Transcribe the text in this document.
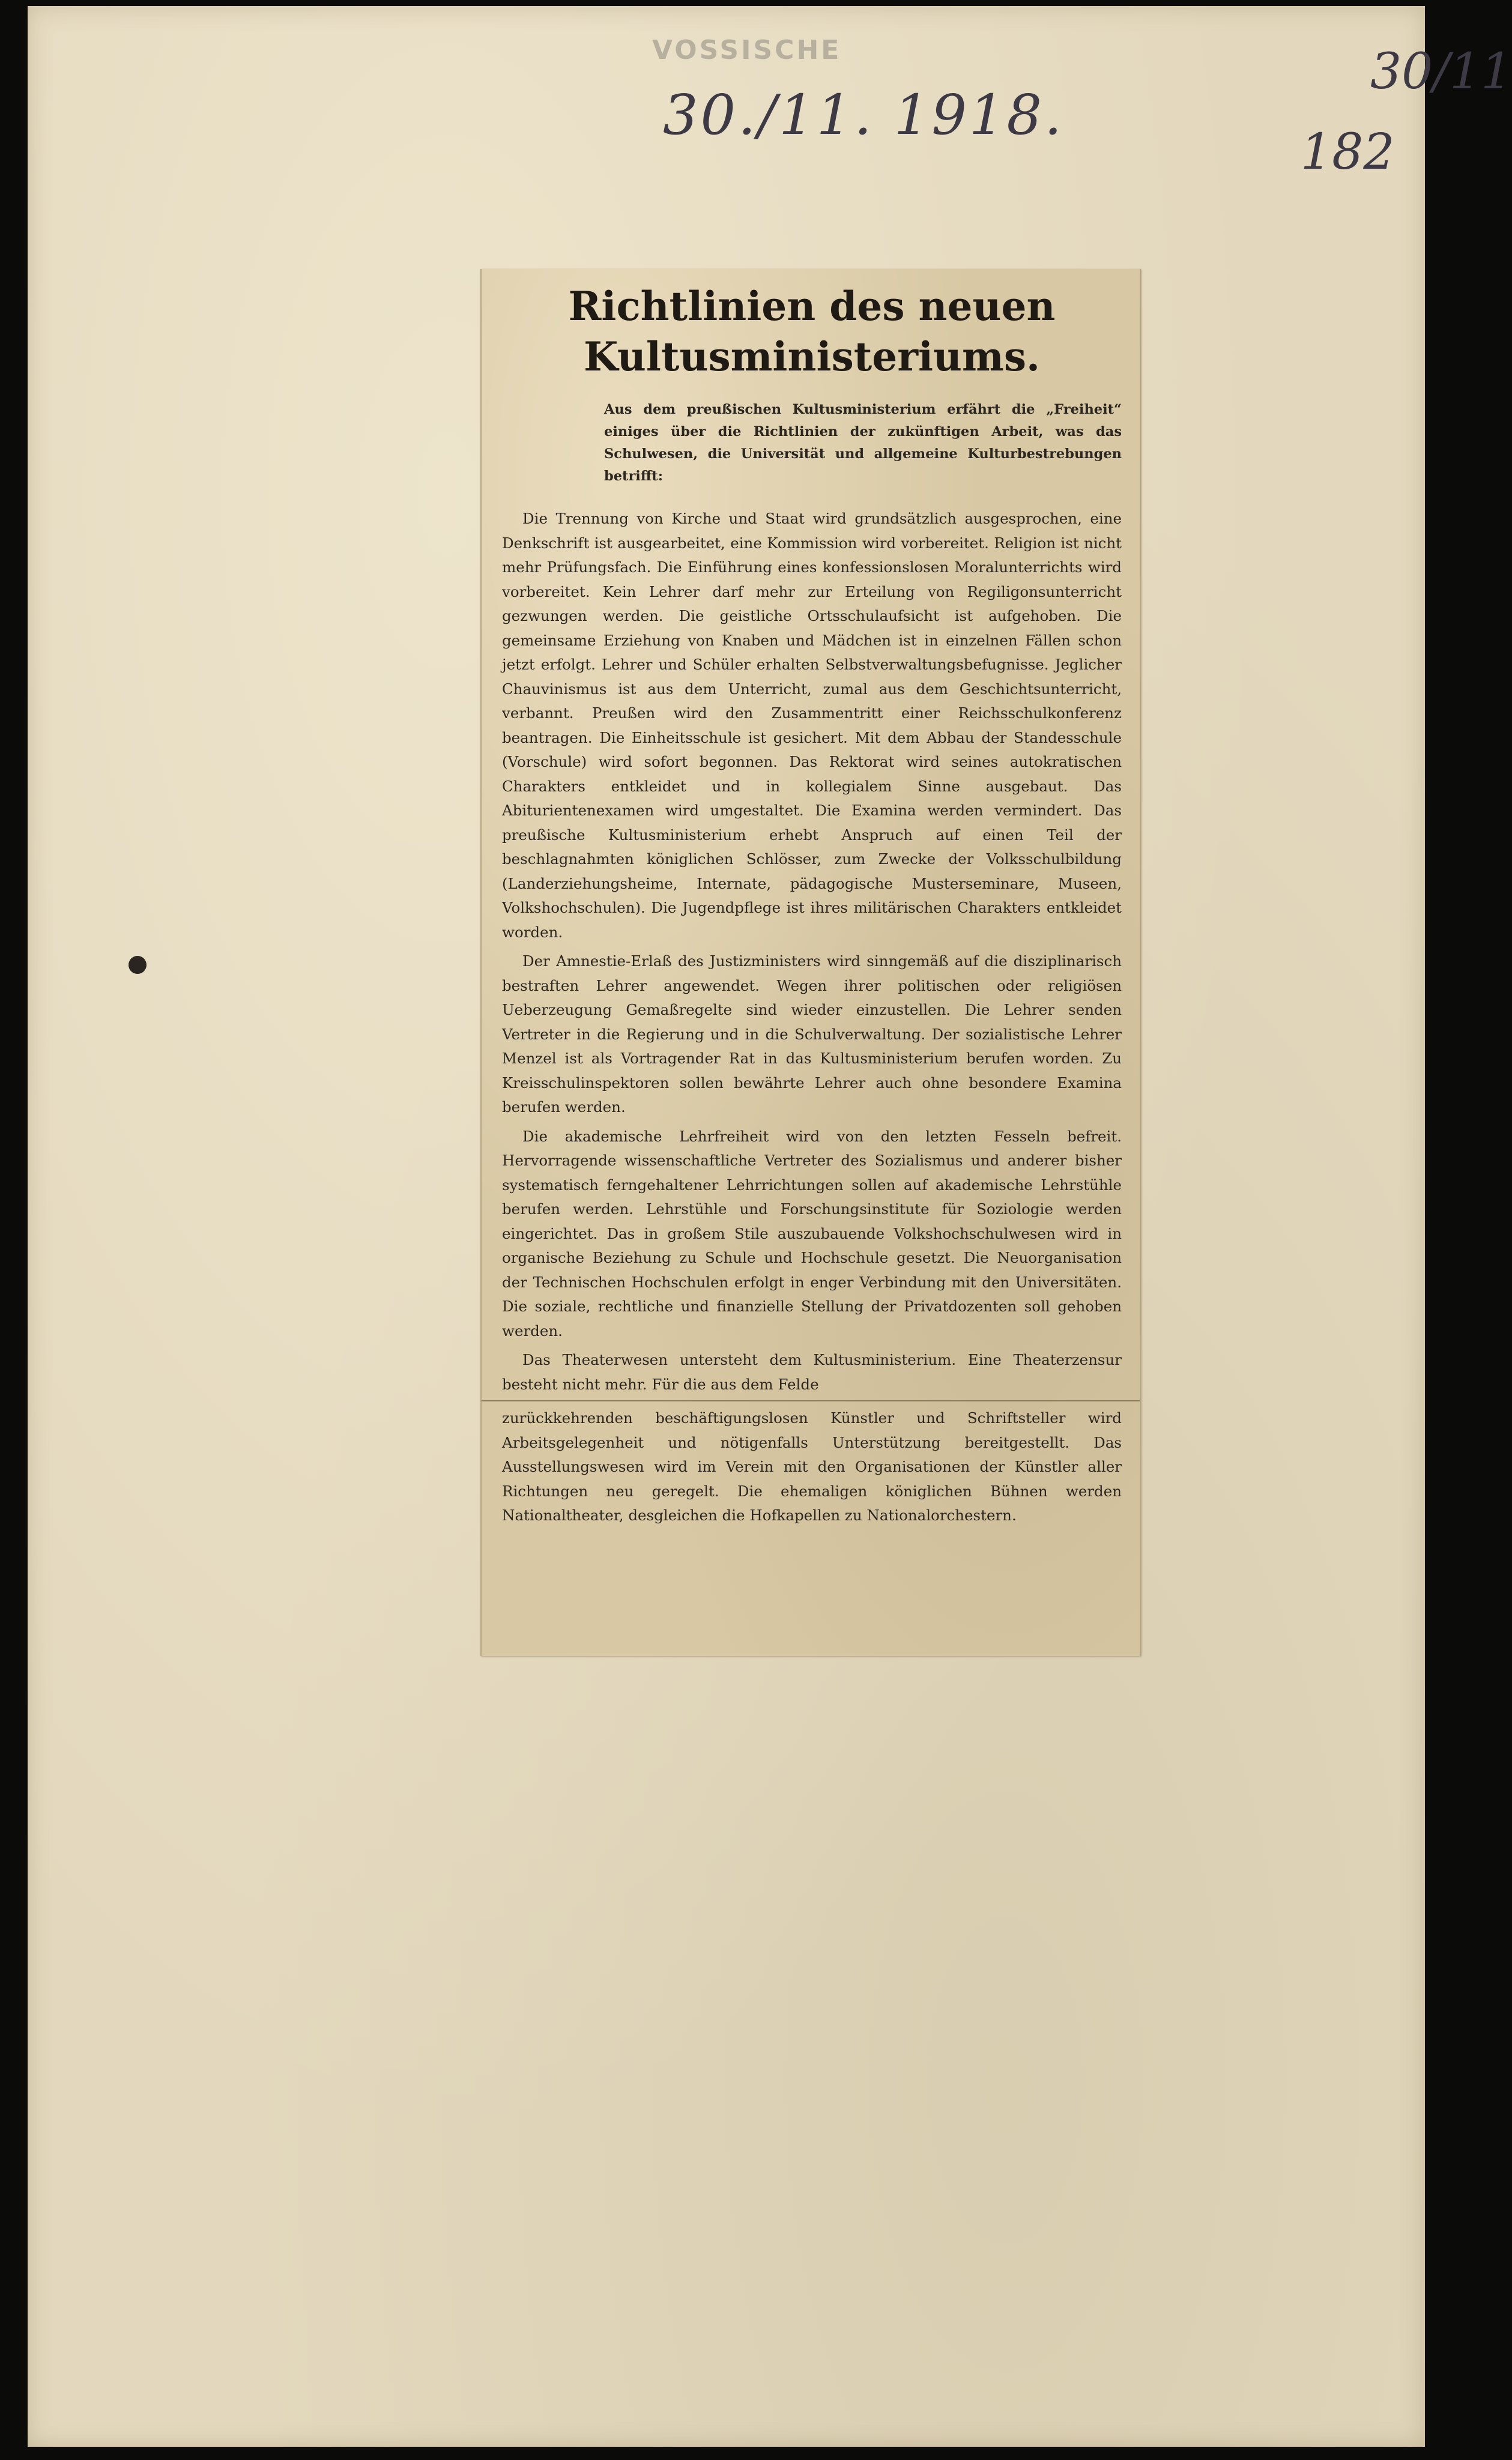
VOSSISCHE
30./11. 1918.
30/11
182
Richtlinien des neuen Kultusministeriums.

Aus dem preußischen Kultusministerium erfährt die „Freiheit“ einiges über die Richtlinien der zukünftigen Arbeit, was das Schulwesen, die Universität und allgemeine Kulturbestrebungen betrifft:

Die Trennung von Kirche und Staat wird grundsätzlich ausgesprochen, eine Denkschrift ist ausgearbeitet, eine Kommission wird vorbereitet. Religion ist nicht mehr Prüfungsfach. Die Einführung eines konfessionslosen Moralunterrichts wird vorbereitet. Kein Lehrer darf mehr zur Erteilung von Regiligonsunterricht gezwungen werden. Die geistliche Ortsschulaufsicht ist aufgehoben. Die gemeinsame Erziehung von Knaben und Mädchen ist in einzelnen Fällen schon jetzt erfolgt. Lehrer und Schüler erhalten Selbstverwaltungsbefugnisse. Jeglicher Chauvinismus ist aus dem Unterricht, zumal aus dem Geschichtsunterricht, verbannt. Preußen wird den Zusammentritt einer Reichsschulkonferenz beantragen. Die Einheitsschule ist gesichert. Mit dem Abbau der Standesschule (Vorschule) wird sofort begonnen. Das Rektorat wird seines autokratischen Charakters entkleidet und in kollegialem Sinne ausgebaut. Das Abiturientenexamen wird umgestaltet. Die Examina werden vermindert. Das preußische Kultusministerium erhebt Anspruch auf einen Teil der beschlagnahmten königlichen Schlösser, zum Zwecke der Volksschulbildung (Landerziehungsheime, Internate, pädagogische Musterseminare, Museen, Volkshochschulen). Die Jugendpflege ist ihres militärischen Charakters entkleidet worden.

Der Amnestie-Erlaß des Justizministers wird sinngemäß auf die disziplinarisch bestraften Lehrer angewendet. Wegen ihrer politischen oder religiösen Ueberzeugung Gemaßregelte sind wieder einzustellen. Die Lehrer senden Vertreter in die Regierung und in die Schulverwaltung. Der sozialistische Lehrer Menzel ist als Vortragender Rat in das Kultusministerium berufen worden. Zu Kreisschulinspektoren sollen bewährte Lehrer auch ohne besondere Examina berufen werden.

Die akademische Lehrfreiheit wird von den letzten Fesseln befreit. Hervorragende wissenschaftliche Vertreter des Sozialismus und anderer bisher systematisch ferngehaltener Lehrrichtungen sollen auf akademische Lehrstühle berufen werden. Lehrstühle und Forschungsinstitute für Soziologie werden eingerichtet. Das in großem Stile auszubauende Volkshochschulwesen wird in organische Beziehung zu Schule und Hochschule gesetzt. Die Neuorganisation der Technischen Hochschulen erfolgt in enger Verbindung mit den Universitäten. Die soziale, rechtliche und finanzielle Stellung der Privatdozenten soll gehoben werden.

Das Theaterwesen untersteht dem Kultusministerium. Eine Theaterzensur besteht nicht mehr. Für die aus dem Felde

zurückkehrenden beschäftigungslosen Künstler und Schriftsteller wird Arbeitsgelegenheit und nötigenfalls Unterstützung bereitgestellt. Das Ausstellungswesen wird im Verein mit den Organisationen der Künstler aller Richtungen neu geregelt. Die ehemaligen königlichen Bühnen werden Nationaltheater, desgleichen die Hofkapellen zu Nationalorchestern.
